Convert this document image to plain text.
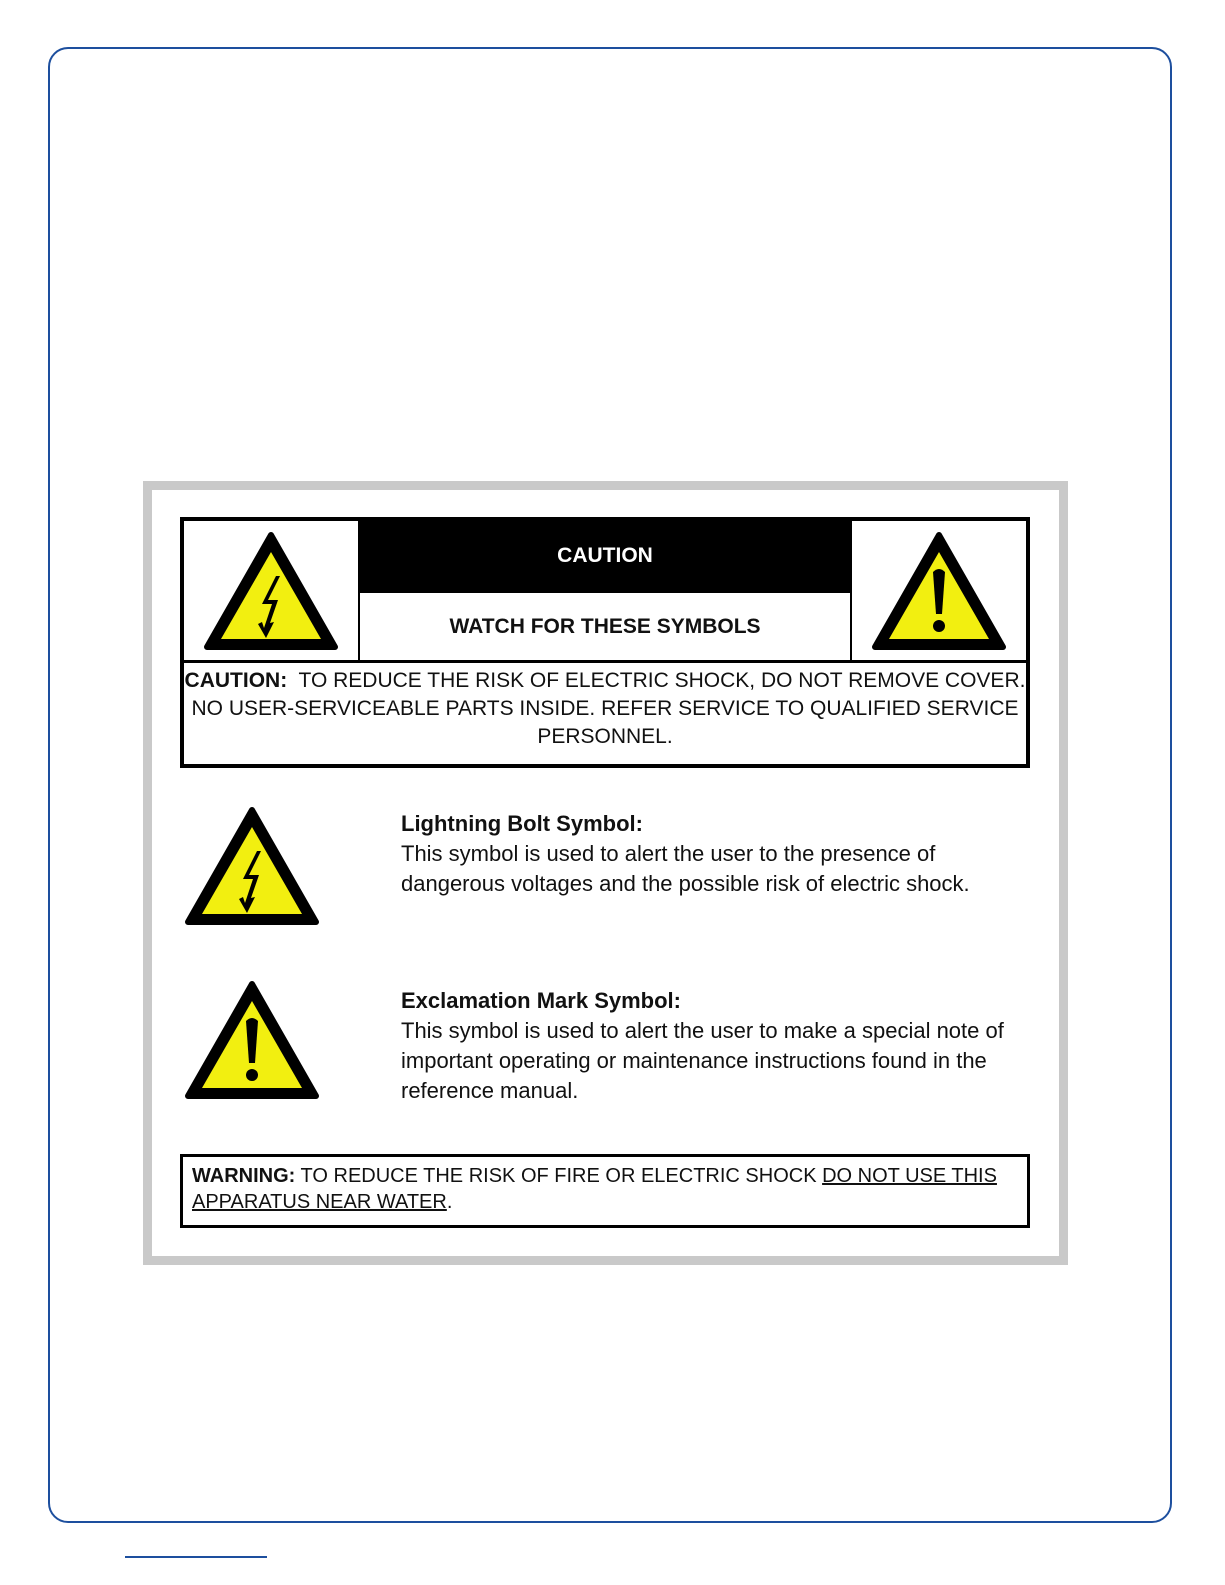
CAUTION
WATCH FOR THESE SYMBOLS
CAUTION: TO REDUCE THE RISK OF ELECTRIC SHOCK, DO NOT REMOVE COVER. NO USER-SERVICEABLE PARTS INSIDE. REFER SERVICE TO QUALIFIED SERVICE PERSONNEL.
Lightning Bolt Symbol:
This symbol is used to alert the user to the presence of dangerous voltages and the possible risk of electric shock.
Exclamation Mark Symbol:
This symbol is used to alert the user to make a special note of important operating or maintenance instructions found in the reference manual.
WARNING: TO REDUCE THE RISK OF FIRE OR ELECTRIC SHOCK DO NOT USE THIS APPARATUS NEAR WATER.
